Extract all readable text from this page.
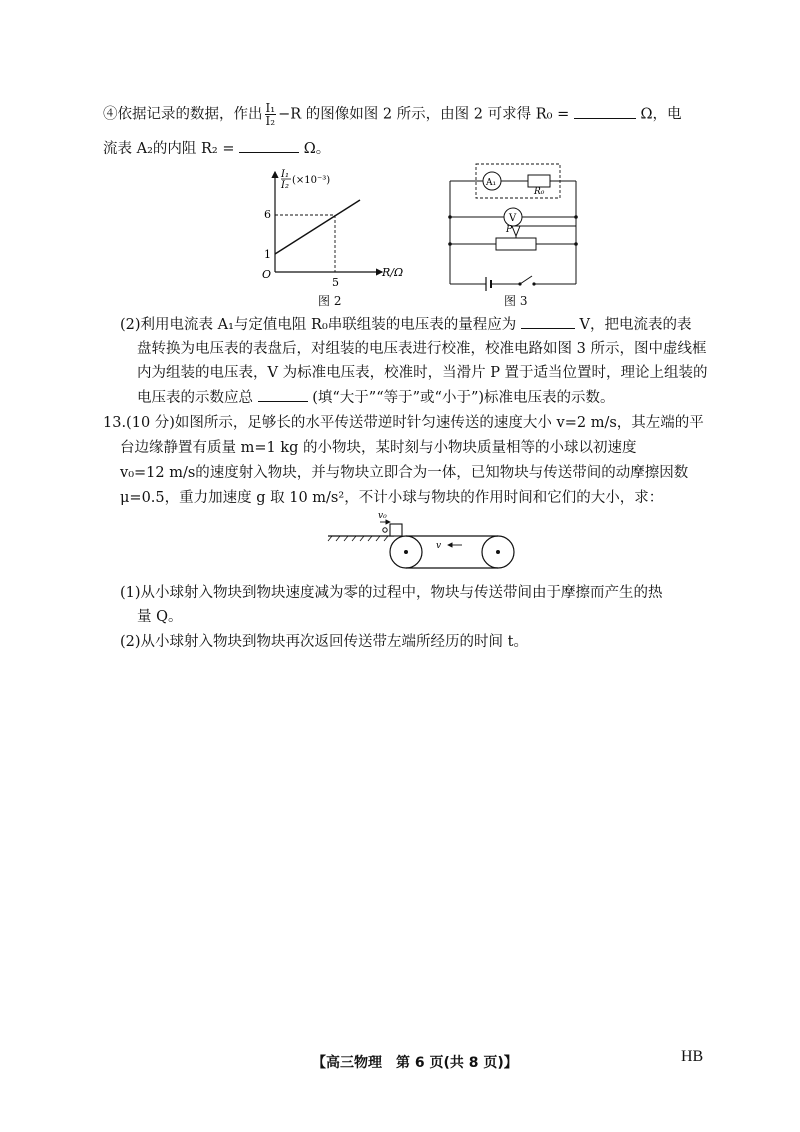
④依据记录的数据，作出 $\frac{\text{I₁}}{\text{I₂}} -R$ 的图像如图 2 所示，由图 2 可求得 R₀ =	Ω，电
流表 A₂的内阻 R₂ =	Ω。
I₁
I₂ (×10⁻³)
6
1
O
5
R/Ω
图 2
A₁
R₀
V
P
图 3
(2)利用电流表 A₁与定值电阻 R₀串联组装的电压表的量程应为	V，把电流表的表
盘转换为电压表的表盘后，对组装的电压表进行校准，校准电路如图 3 所示，图中虚线框
内为组装的电压表，V 为标准电压表，校准时，当滑片 P 置于适当位置时，理论上组装的
电压表的示数应总	(填“大于”“等于”或“小于”)标准电压表的示数。
13.(10 分)如图所示，足够长的水平传送带逆时针匀速传送的速度大小 v=2 m/s，其左端的平
台边缘静置有质量 m=1 kg 的小物块，某时刻与小物块质量相等的小球以初速度
v₀=12 m/s的速度射入物块，并与物块立即合为一体，已知物块与传送带间的动摩擦因数
μ=0.5，重力加速度 g 取 10 m/s²，不计小球与物块的作用时间和它们的大小，求：
v₀
v
(1)从小球射入物块到物块速度减为零的过程中，物块与传送带间由于摩擦而产生的热
量 Q。
(2)从小球射入物块到物块再次返回传送带左端所经历的时间 t。
【高三物理　第 6 页(共 8 页)】	HB
